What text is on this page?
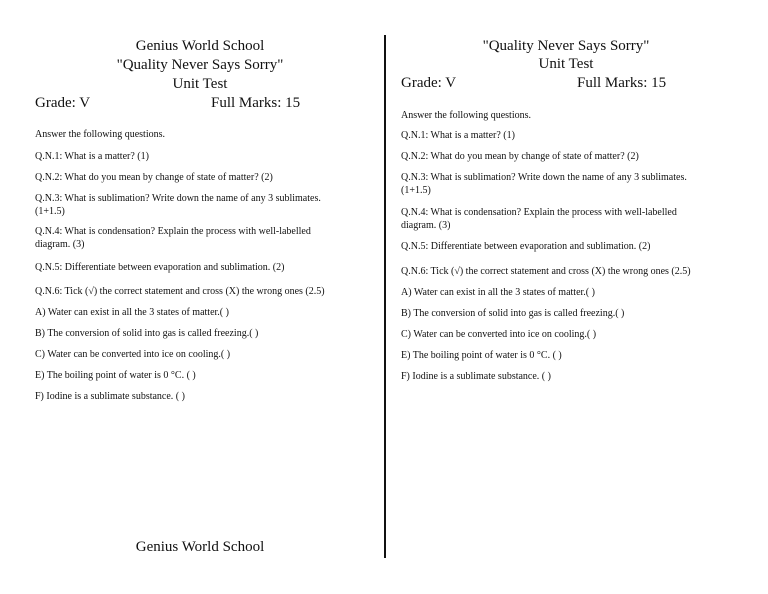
Genius World School
"Quality Never Says Sorry"
Unit Test
Grade: V	Full Marks: 15
Answer the following questions.
Q.N.1: What is a matter? (1)
Q.N.2: What do you mean by change of state of matter? (2)
Q.N.3: What is sublimation? Write down the name of any 3 sublimates. (1+1.5)
Q.N.4: What is condensation? Explain the process with well-labelled diagram. (3)
Q.N.5: Differentiate between evaporation and sublimation. (2)
Q.N.6: Tick (√) the correct statement and cross (X) the wrong ones (2.5)
A) Water can exist in all the 3 states of matter.( )
B) The conversion of solid into gas is called freezing.( )
C) Water can be converted into ice on cooling.( )
E) The boiling point of water is 0 °C. ( )
F) Iodine is a sublimate substance. ( )
Genius World School
"Quality Never Says Sorry"
Unit Test
Grade: V	Full Marks: 15
Answer the following questions.
Q.N.1: What is a matter? (1)
Q.N.2: What do you mean by change of state of matter? (2)
Q.N.3: What is sublimation? Write down the name of any 3 sublimates. (1+1.5)
Q.N.4: What is condensation? Explain the process with well-labelled diagram. (3)
Q.N.5: Differentiate between evaporation and sublimation. (2)
Q.N.6: Tick (√) the correct statement and cross (X) the wrong ones (2.5)
A) Water can exist in all the 3 states of matter.( )
B) The conversion of solid into gas is called freezing.( )
C) Water can be converted into ice on cooling.( )
E) The boiling point of water is 0 °C. ( )
F) Iodine is a sublimate substance. ( )
